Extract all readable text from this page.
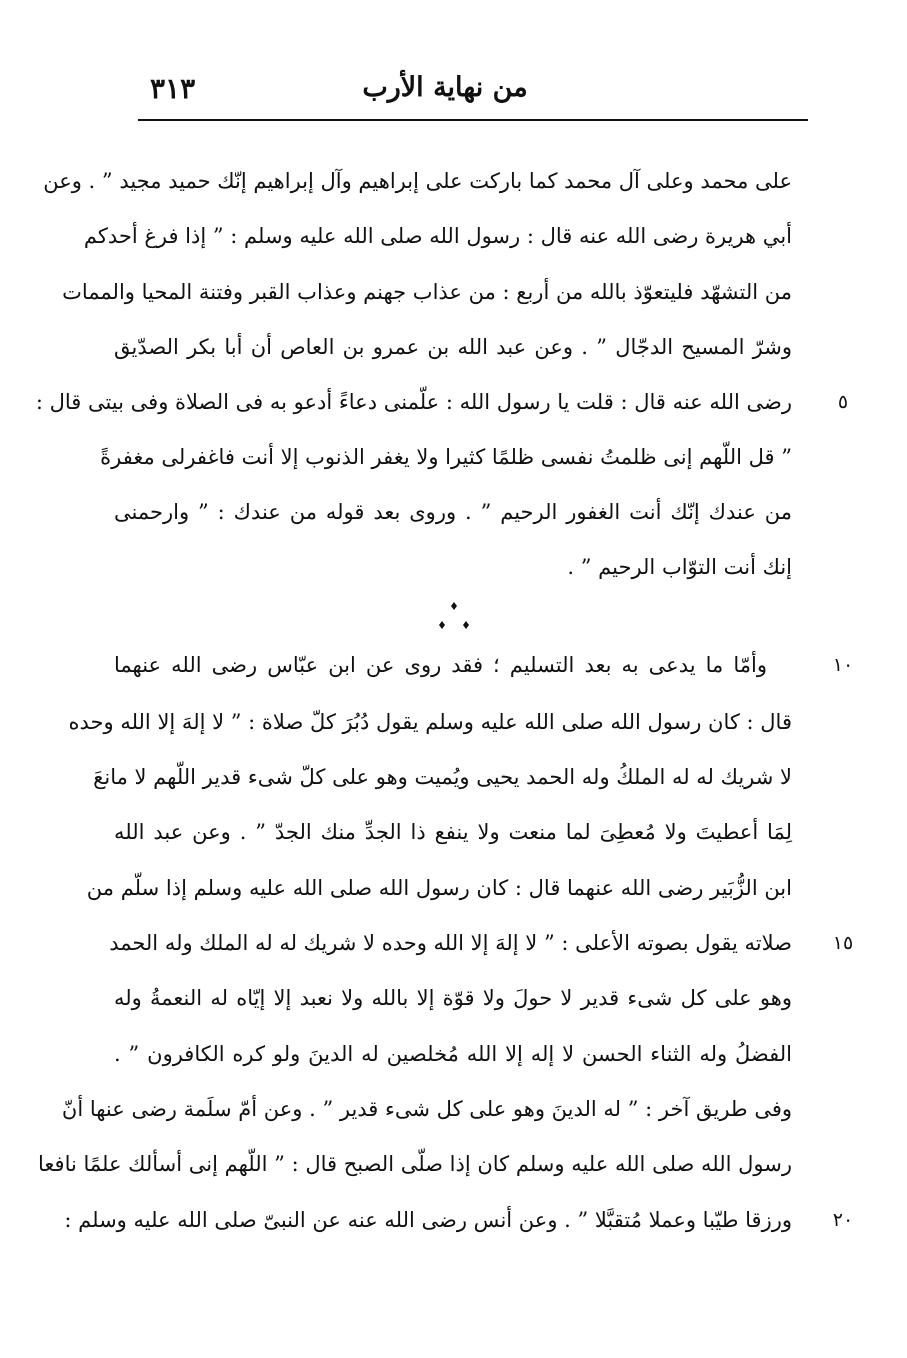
٣١٣	من نهاية الأرب
على محمد وعلى آل محمد كما باركت على إبراهيم وآل إبراهيم إنّك حميد مجيد ” . وعن
أبي هريرة رضى الله عنه قال : رسول الله صلى الله عليه وسلم : ” إذا فرغ أحدكم
من التشهّد فليتعوّذ بالله من أربع : من عذاب جهنم وعذاب القبر وفتنة المحيا والممات
وشرّ المسيح الدجّال ” . وعن عبد الله بن عمرو بن العاص أن أبا بكر الصدّيق
رضى الله عنه قال : قلت يا رسول الله : علّمنى دعاءً أدعو به فى الصلاة وفى بيتى قال :
” قل اللّهم إنى ظلمتُ نفسى ظلمًا كثيرا ولا يغفر الذنوب إلا أنت فاغفرلى مغفرةً
من عندك إنّك أنت الغفور الرحيم ” . وروى بعد قوله من عندك : ” وارحمنى
إنك أنت التوّاب الرحيم ” .
وأمّا ما يدعى به بعد التسليم ؛ فقد روى عن ابن عبّاس رضى الله عنهما
قال : كان رسول الله صلى الله عليه وسلم يقول دُبُرَ كلّ صلاة : ” لا إلهَ إلا الله وحده
لا شريك له له الملكُ وله الحمد يحيى ويُميت وهو على كلّ شىء قدير اللّهم لا مانعَ
لِمَا أعطيتَ ولا مُعطِىَ لما منعت ولا ينفع ذا الجدِّ منك الجدّ ” . وعن عبد الله
ابن الزُّبَير رضى الله عنهما قال : كان رسول الله صلى الله عليه وسلم إذا سلّم من
صلاته يقول بصوته الأعلى : ” لا إلهَ إلا الله وحده لا شريك له له الملك وله الحمد
وهو على كل شىء قدير لا حولَ ولا قوّة إلا بالله ولا نعبد إلا إيّاه له النعمةُ وله
الفضلُ وله الثناء الحسن لا إله إلا الله مُخلصين له الدينَ ولو كره الكافرون ” .
وفى طريق آخر : ” له الدينَ وهو على كل شىء قدير ” . وعن أمّ سلَمة رضى عنها أنّ
رسول الله صلى الله عليه وسلم كان إذا صلّى الصبح قال : ” اللّهم إنى أسألك علمًا نافعا
ورزقا طيّبا وعملا مُتقبَّلا ” . وعن أنس رضى الله عنه عن النبىّ صلى الله عليه وسلم :
٥
١٠
١٥
٢٠
